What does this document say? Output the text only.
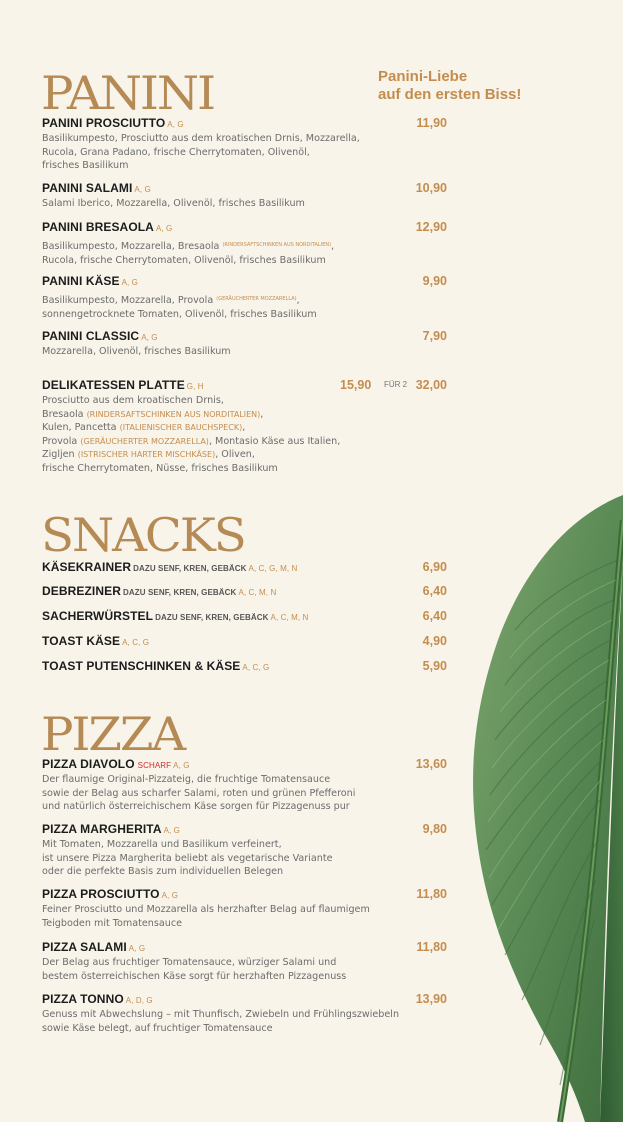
PANINI	Panini-Liebe
auf den ersten Biss!
PANINI PROSCIUTTO A, G	11,90
Basilikumpesto, Prosciutto aus dem kroatischen Drnis, Mozzarella,
Rucola, Grana Padano, frische Cherrytomaten, Olivenöl,
frisches Basilikum
PANINI SALAMI A, G	10,90
Salami Iberico, Mozzarella, Olivenöl, frisches Basilikum
PANINI BRESAOLA A, G	12,90
Basilikumpesto, Mozzarella, Bresaola $^{(RINDERSAFTSCHINKEN AUS NORDITALIEN)}$,
Rucola, frische Cherrytomaten, Olivenöl, frisches Basilikum
PANINI KÄSE A, G	9,90
Basilikumpesto, Mozzarella, Provola $^{(GERÄUCHERTER MOZZARELLA)}$,
sonnengetrocknete Tomaten, Olivenöl, frisches Basilikum
PANINI CLASSIC A, G	7,90
Mozzarella, Olivenöl, frisches Basilikum
DELIKATESSEN PLATTE G, H	15,90 FÜR 2 32,00
Prosciutto aus dem kroatischen Drnis,
Bresaola (RINDERSAFTSCHINKEN AUS NORDITALIEN),
Kulen, Pancetta (ITALIENISCHER BAUCHSPECK),
Provola (GERÄUCHERTER MOZZARELLA), Montasio Käse aus Italien,
Zigljen (ISTRISCHER HARTER MISCHKÄSE), Oliven,
frische Cherrytomaten, Nüsse, frisches Basilikum
SNACKS
KÄSEKRAINER DAZU SENF, KREN, GEBÄCK A, C, G, M, N	6,90
DEBREZINER DAZU SENF, KREN, GEBÄCK A, C, M, N	6,40
SACHERWÜRSTEL DAZU SENF, KREN, GEBÄCK A, C, M, N	6,40
TOAST KÄSE A, C, G	4,90
TOAST PUTENSCHINKEN & KÄSE A, C, G	5,90
PIZZA
PIZZA DIAVOLO SCHARF A, G	13,60
Der flaumige Original-Pizzateig, die fruchtige Tomatensauce
sowie der Belag aus scharfer Salami, roten und grünen Pfefferoni
und natürlich österreichischem Käse sorgen für Pizzagenuss pur
PIZZA MARGHERITA A, G	9,80
Mit Tomaten, Mozzarella und Basilikum verfeinert,
ist unsere Pizza Margherita beliebt als vegetarische Variante
oder die perfekte Basis zum individuellen Belegen
PIZZA PROSCIUTTO A, G	11,80
Feiner Prosciutto und Mozzarella als herzhafter Belag auf flaumigem
Teigboden mit Tomatensauce
PIZZA SALAMI A, G	11,80
Der Belag aus fruchtiger Tomatensauce, würziger Salami und
bestem österreichischen Käse sorgt für herzhaften Pizzagenuss
PIZZA TONNO A, D, G	13,90
Genuss mit Abwechslung – mit Thunfisch, Zwiebeln und Frühlingszwiebeln
sowie Käse belegt, auf fruchtiger Tomatensauce
